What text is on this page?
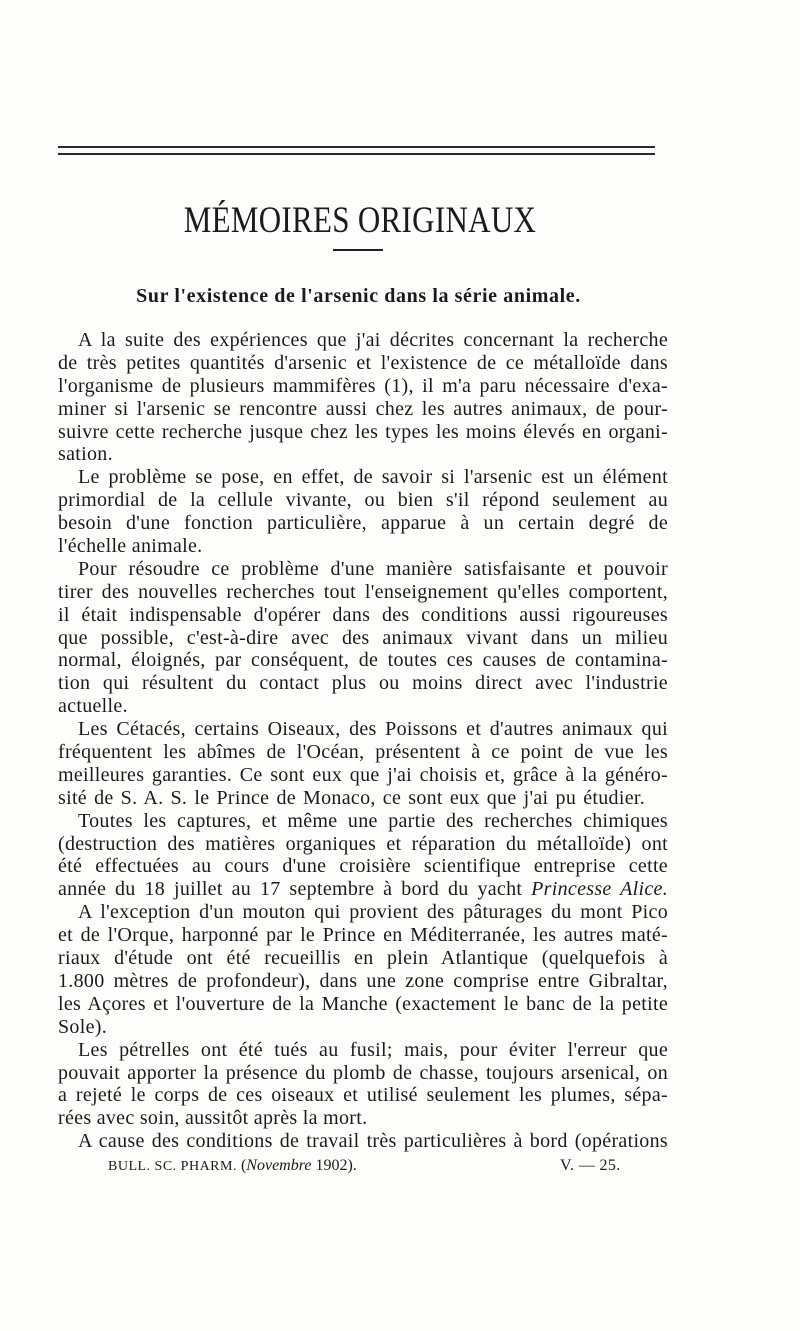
MÉMOIRES ORIGINAUX
Sur l'existence de l'arsenic dans la série animale.
A la suite des expériences que j'ai décrites concernant la recherche
de très petites quantités d'arsenic et l'existence de ce métalloïde dans
l'organisme de plusieurs mammifères (1), il m'a paru nécessaire d'exa-
miner si l'arsenic se rencontre aussi chez les autres animaux, de pour-
suivre cette recherche jusque chez les types les moins élevés en organi-
sation.
Le problème se pose, en effet, de savoir si l'arsenic est un élément
primordial de la cellule vivante, ou bien s'il répond seulement au
besoin d'une fonction particulière, apparue à un certain degré de
l'échelle animale.
Pour résoudre ce problème d'une manière satisfaisante et pouvoir
tirer des nouvelles recherches tout l'enseignement qu'elles comportent,
il était indispensable d'opérer dans des conditions aussi rigoureuses
que possible, c'est-à-dire avec des animaux vivant dans un milieu
normal, éloignés, par conséquent, de toutes ces causes de contamina-
tion qui résultent du contact plus ou moins direct avec l'industrie
actuelle.
Les Cétacés, certains Oiseaux, des Poissons et d'autres animaux qui
fréquentent les abîmes de l'Océan, présentent à ce point de vue les
meilleures garanties. Ce sont eux que j'ai choisis et, grâce à la généro-
sité de S. A. S. le Prince de Monaco, ce sont eux que j'ai pu étudier.
Toutes les captures, et même une partie des recherches chimiques
(destruction des matières organiques et réparation du métalloïde) ont
été effectuées au cours d'une croisière scientifique entreprise cette
année du 18 juillet au 17 septembre à bord du yacht Princesse Alice.
A l'exception d'un mouton qui provient des pâturages du mont Pico
et de l'Orque, harponné par le Prince en Méditerranée, les autres maté-
riaux d'étude ont été recueillis en plein Atlantique (quelquefois à
1.800 mètres de profondeur), dans une zone comprise entre Gibraltar,
les Açores et l'ouverture de la Manche (exactement le banc de la petite
Sole).
Les pétrelles ont été tués au fusil; mais, pour éviter l'erreur que
pouvait apporter la présence du plomb de chasse, toujours arsenical, on
a rejeté le corps de ces oiseaux et utilisé seulement les plumes, sépa-
rées avec soin, aussitôt après la mort.
A cause des conditions de travail très particulières à bord (opérations
BULL. SC. PHARM. (Novembre 1902).	V. — 25.
